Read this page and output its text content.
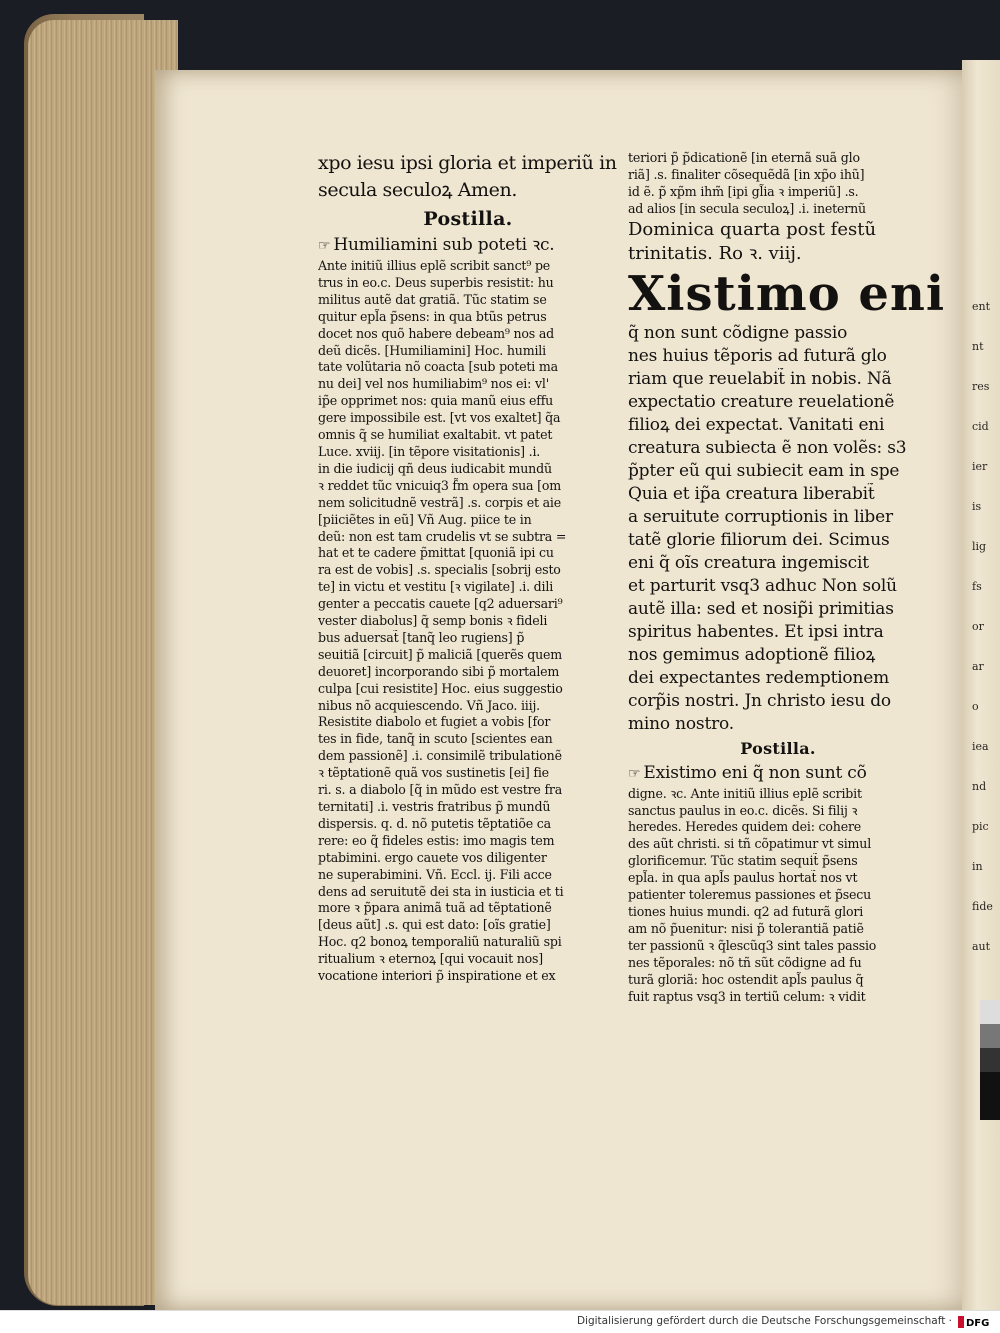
xpo iesu ipsi gloria et imperiũ in
secula seculoꝝ Amen.
Postilla.
☞ Humiliamini sub poteti ꝛc.
Ante initiũ illius eplẽ scribit sanct⁹ pe
trus in eo.c. Deus superbis resistit: hu
militus autẽ dat gratiã. Tũc statim se
quitur epl̃a p̃sens: in qua btũs petrus
docet nos quõ habere debeam⁹ nos ad
deũ dicẽs. [Humiliamini] Hoc. humili
tate volũtaria nõ coacta [sub poteti ma
nu dei] vel nos humiliabim⁹ nos ei: vl'
ip̃e opprimet nos: quia manũ eius effu
gere impossibile est. [vt vos exaltet] q̃a
omnis q̃ se humiliat exaltabit. vt patet
Luce. xviij. [in tẽpore visitationis] .i.
in die iudicij qñ deus iudicabit mundũ
ꝛ reddet tũc vnicuiq3 f̃m opera sua [om
nem solicitudnẽ vestrã] .s. corpis et aie
[piiciẽtes in eũ] Vñ Aug. piice te in
deũ: non est tam crudelis vt se subtra =
hat et te cadere p̃mittat [quoniã ipi cu
ra est de vobis] .s. specialis [sobrij esto
te] in victu et vestitu [ꝛ vigilate] .i. dili
genter a peccatis cauete [q2 aduersari⁹
vester diabolus] q̃ semp bonis ꝛ fideli
bus aduersat̃ [tanq̃ leo rugiens] p̃
seuitiã [circuit] p̃ maliciã [querẽs quem
deuoret] incorporando sibi p̃ mortalem
culpa [cui resistite] Hoc. eius suggestio
nibus nõ acquiescendo. Vñ Jaco. iiij.
Resistite diabolo et fugiet a vobis [for
tes in fide, tanq̃ in scuto [scientes ean
dem passionẽ] .i. consimilẽ tribulationẽ
ꝛ tẽptationẽ quã vos sustinetis [ei] fie
ri. s. a diabolo [q̃ in mũdo est vestre fra
ternitati] .i. vestris fratribus p̃ mundũ
dispersis. q. d. nõ putetis tẽptatiõe ca
rere: eo q̃ fideles estis: imo magis tem
ptabimini. ergo cauete vos diligenter
ne superabimini. Vñ. Eccl. ij. Fili acce
dens ad seruitutẽ dei sta in iusticia et ti
more ꝛ p̃para animã tuã ad tẽptationẽ
[deus aũt] .s. qui est dato: [oĩs gratie]
Hoc. q2 bonoꝝ temporaliũ naturaliũ spi
ritualium ꝛ eternoꝝ [qui vocauit nos]
vocatione interiori p̃ inspiratione et ex
teriori p̃ p̃dicationẽ [in eternã suã glo
riã] .s. finaliter cõsequẽdã [in xp̃o ihũ]
id ẽ. p̃ xp̃m ihm̃ [ipi gl̃ia ꝛ imperiũ] .s.
ad alios [in secula seculoꝝ] .i. ineternũ
Dominica quarta post festũ
trinitatis. Ro ꝛ. viij.
Xistimo eni
q̃ non sunt cõdigne passio
nes huius tẽporis ad futurã glo
riam que reuelabit̃ in nobis. Nã
expectatio creature reuelationẽ
filioꝝ dei expectat. Vanitati eni
creatura subiecta ẽ non volẽs: s3
p̃pter eũ qui subiecit eam in spe
Quia et ip̃a creatura liberabit̃
a seruitute corruptionis in liber
tatẽ glorie filiorum dei. Scimus
eni q̃ oĩs creatura ingemiscit
et parturit vsq3 adhuc Non solũ
autẽ illa: sed et nosip̃i primitias
spiritus habentes. Et ipsi intra
nos gemimus adoptionẽ filioꝝ
dei expectantes redemptionem
corp̃is nostri. Jn christo iesu do
mino nostro.
Postilla.
☞ Existimo eni q̃ non sunt cõ
digne. ꝛc. Ante initiũ illius eplẽ scribit
sanctus paulus in eo.c. dicẽs. Si filij ꝛ
heredes. Heredes quidem dei: cohere
des aũt christi. si tñ cõpatimur vt simul
glorificemur. Tũc statim sequit̃ p̃sens
epl̃a. in qua apl̃s paulus hortat̃ nos vt
patienter toleremus passiones et p̃secu
tiones huius mundi. q2 ad futurã glori
am nõ p̃uenitur: nisi p̃ tolerantiã patiẽ
ter passionũ ꝛ q̃lescũq3 sint tales passio
nes tẽporales: nõ tñ sũt cõdigne ad fu
turã gloriã: hoc ostendit apl̃s paulus q̃
fuit raptus vsq3 in tertiũ celum: ꝛ vidit
ent
nt
res
cid
ier
is
lig
fs
or
ar
o
iea
nd
pic
in
fide
aut
Digitalisierung gefördert durch die Deutsche Forschungsgemeinschaft · DFG
